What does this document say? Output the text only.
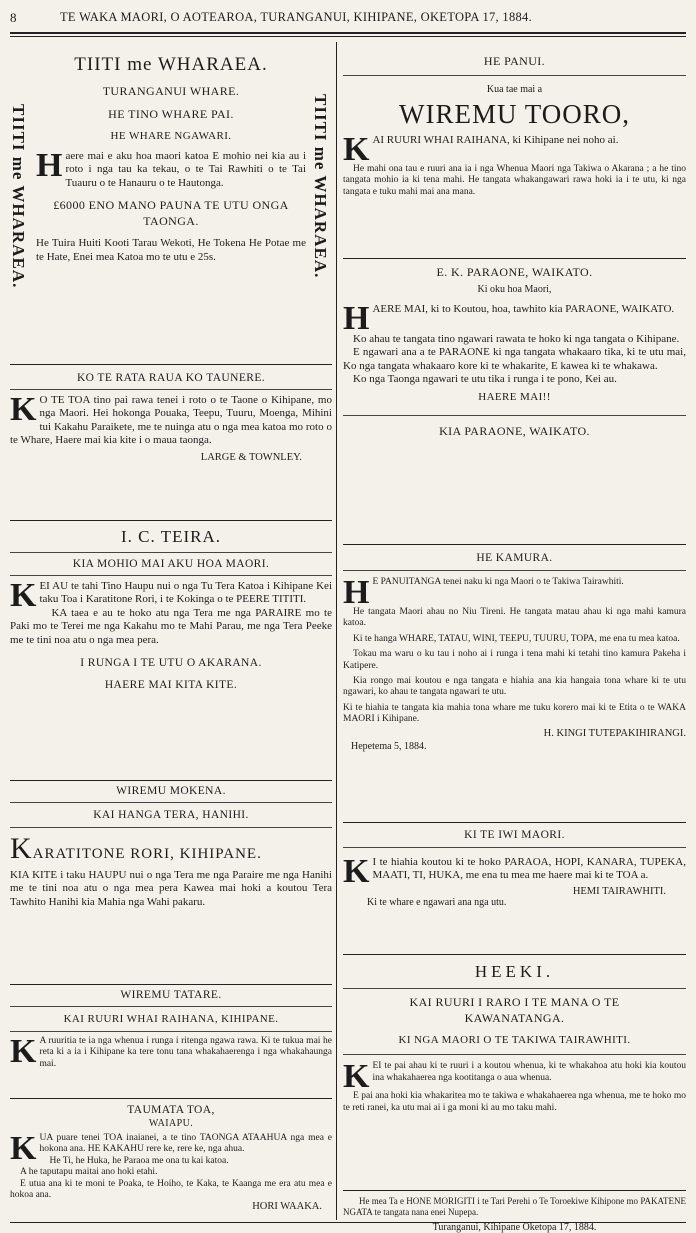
8	TE WAKA MAORI, O AOTEAROA, TURANGANUI, KIHIPANE, OKETOPA 17, 1884.
TIITI me WHARAEA.	TIITI me WHARAEA.
TIITI me WHARAEA.
TURANGANUI WHARE.
HE TINO WHARE PAI.
HE WHARE NGAWARI.

Haere mai e aku hoa maori katoa E mohio nei kia au i roto i nga tau ka tekau, o te Tai Rawhiti o te Tai Tuauru o te Hanauru o te Hautonga.

£6000 ENO MANO PAUNA TE UTU ONGA TAONGA.

He Tuira Huiti Kooti Tarau Wekoti, He Tokena He Potae me te Hate, Enei mea Katoa mo te utu e 25s.

KO TE RATA RAUA KO TAUNERE.

K O TE TOA tino pai rawa tenei i roto o te Taone o Kihipane, mo nga Maori. Hei hokonga Pouaka, Teepu, Tuuru, Moenga, Mihini tui Kakahu Paraikete, me te nuinga atu o nga mea katoa mo roto o te Whare, Haere mai kia kite i o maua taonga.

LARGE & TOWNLEY.
I. C. TEIRA.
KIA MOHIO MAI AKU HOA MAORI.

KEI AU te tahi Tino Haupu nui o nga Tu Tera Katoa i Kihipane Kei taku Toa i Karatitone Rori, i te Kokinga o te PEERE TITITI.

KA taea e au te hoko atu nga Tera me nga PARAIRE mo te Paki mo te Terei me nga Kakahu mo te Mahi Parau, me nga Tera Peeke me te tini noa atu o nga mea pera.

I RUNGA I TE UTU O AKARANA.
HAERE MAI KITA KITE.
WIREMU MOKENA.
KAI HANGA TERA, HANIHI.
KARATITONE RORI, KIHIPANE.

KIA KITE i taku HAUPU nui o nga Tera me nga Paraire me nga Hanihi me te tini noa atu o nga mea pera Kawea mai hoki a koutou Tera Tawhito Hanihi kia Mahia nga Wahi pakaru.

WIREMU TATARE.
KAI RUURI WHAI RAIHANA, KIHIPANE.

K A ruuritia te ia nga whenua i runga i ritenga ngawa rawa. Ki te tukua mai he reta ki a ia i Kihipane ka tere tonu tana whakahaerenga i nga whakahaunga mai.

TAUMATA TOA,
WAIAPU.

KUA puare tenei TOA inaianei, a te tino TAONGA ATAAHUA nga mea e hokona ana. HE KAKAHU rere ke, rere ke, nga ahua.

He Ti, he Huka, he Paraoa me ona tu kai katoa.

A he taputapu maitai ano hoki etahi.

E utua ana ki te moni te Poaka, te Hoiho, te Kaka, te Kaanga me era atu mea e hokoa ana.

HORI WAAKA.
HE PANUI.
Kua tae mai a
WIREMU TOORO,

KAI RUURI WHAI RAIHANA, ki Kihipane nei noho ai.

He mahi ona tau e ruuri ana ia i nga Whenua Maori nga Takiwa o Akarana ; a he tino tangata mohio ia ki tena mahi. He tangata whakangawari rawa hoki ia i te utu, ki nga tangata e tuku mahi mai ana mana.

E. K. PARAONE, WAIKATO.
Ki oku hoa Maori,

HAERE MAI, ki to Koutou, hoa, tawhito kia PARAONE, WAIKATO.

Ko ahau te tangata tino ngawari rawata te hoko ki nga tangata o Kihipane.

E ngawari ana a te PARAONE ki nga tangata whakaaro tika, ki te utu mai, Ko nga tangata whakaaro kore ki te whakarite, E kawea ki te whakawa.

Ko nga Taonga ngawari te utu tika i runga i te pono, Kei au.

HAERE MAI!!
KIA PARAONE, WAIKATO.
HE KAMURA.

H E PANUITANGA tenei naku ki nga Maori o te Takiwa Tairawhiti.

He tangata Maori ahau no Niu Tireni. He tangata matau ahau ki nga mahi kamura katoa.

Ki te hanga WHARE, TATAU, WINI, TEEPU, TUURU, TOPA, me ena tu mea katoa.

Tokau ma waru o ku tau i noho ai i runga i tena mahi ki tetahi tino kamura Pakeha i Katipere.

Kia rongo mai koutou e nga tangata e hiahia ana kia hangaia tona whare ki te utu ngawari, ko ahau te tangata ngawari te utu.

Ki te hiahia te tangata kia mahia tona whare me tuku korero mai ki te Etita o te WAKA MAORI i Kihipane.

H. KINGI TUTEPAKIHIRANGI.
Hepetema 5, 1884.
KI TE IWI MAORI.

K I te hiahia koutou ki te hoko PARAOA, HOPI, KANARA, TUPEKA, MAATI, TI, HUKA, me ena tu mea me haere mai ki te TOA a.

HEMI TAIRAWHITI.
Ki te whare e ngawari ana nga utu.
HEEKI.
KAI RUURI I RARO I TE MANA O TE KAWANATANGA.
KI NGA MAORI O TE TAKIWA TAIRAWHITI.

KEI te pai ahau ki te ruuri i a koutou whenua, ki te whakahoa atu hoki kia koutou ina whakahaerea nga kootitanga o aua whenua.

E pai ana hoki kia whakaritea mo te takiwa e whakahaerea nga whenua, me te hoko mo te reti ranei, ka utu mai ai i ga moni ki au mo taku mahi.

He mea Ta e HONE MORIGITI i te Tari Perehi o Te Toroekiwe Kihipone mo PAKATENE NGATA te tangata nana enei Nupepa.

Turanganui, Kihipane Oketopa 17, 1884.
